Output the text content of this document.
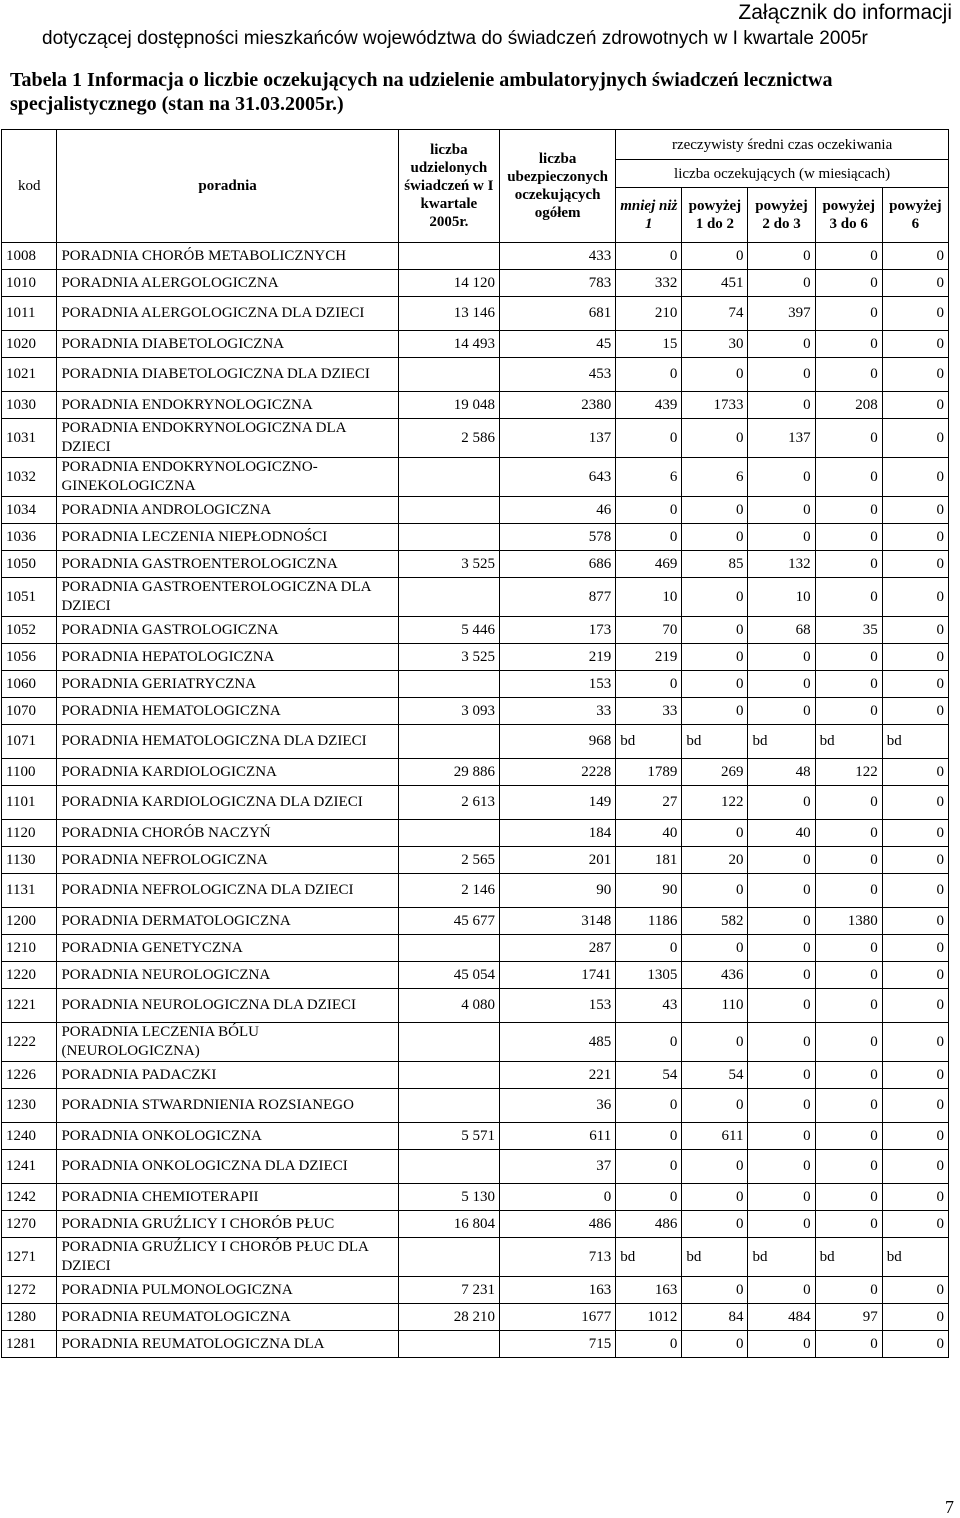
Załącznik do informacji
dotyczącej dostępności mieszkańców województwa do świadczeń zdrowotnych w I kwartale 2005r
Tabela 1 Informacja o liczbie oczekujących na udzielenie ambulatoryjnych świadczeń lecznictwa specjalistycznego (stan na 31.03.2005r.)
kod	poradnia	liczba udzielonych świadczeń w I kwartale 2005r.	liczba ubezpieczonych oczekujących ogółem	rzeczywisty średni czas oczekiwania				
				liczba oczekujących (w miesiącach)				
				mniej niż 1	powyżej 1 do 2	powyżej 2 do 3	powyżej 3 do 6	powyżej 6
1008	PORADNIA CHORÓB METABOLICZNYCH		433	0	0	0	0	0
1010	PORADNIA ALERGOLOGICZNA	14 120	783	332	451	0	0	0
1011	PORADNIA ALERGOLOGICZNA DLA DZIECI	13 146	681	210	74	397	0	0
1020	PORADNIA DIABETOLOGICZNA	14 493	45	15	30	0	0	0
1021	PORADNIA DIABETOLOGICZNA DLA DZIECI		453	0	0	0	0	0
1030	PORADNIA ENDOKRYNOLOGICZNA	19 048	2380	439	1733	0	208	0
1031	PORADNIA ENDOKRYNOLOGICZNA DLA DZIECI	2 586	137	0	0	137	0	0
1032	PORADNIA ENDOKRYNOLOGICZNO-GINEKOLOGICZNA		643	6	6	0	0	0
1034	PORADNIA ANDROLOGICZNA		46	0	0	0	0	0
1036	PORADNIA LECZENIA NIEPŁODNOŚCI		578	0	0	0	0	0
1050	PORADNIA GASTROENTEROLOGICZNA	3 525	686	469	85	132	0	0
1051	PORADNIA GASTROENTEROLOGICZNA DLA DZIECI		877	10	0	10	0	0
1052	PORADNIA GASTROLOGICZNA	5 446	173	70	0	68	35	0
1056	PORADNIA HEPATOLOGICZNA	3 525	219	219	0	0	0	0
1060	PORADNIA GERIATRYCZNA		153	0	0	0	0	0
1070	PORADNIA HEMATOLOGICZNA	3 093	33	33	0	0	0	0
1071	PORADNIA HEMATOLOGICZNA DLA DZIECI		968	bd	bd	bd	bd	bd
1100	PORADNIA KARDIOLOGICZNA	29 886	2228	1789	269	48	122	0
1101	PORADNIA KARDIOLOGICZNA DLA DZIECI	2 613	149	27	122	0	0	0
1120	PORADNIA CHORÓB NACZYŃ		184	40	0	40	0	0
1130	PORADNIA NEFROLOGICZNA	2 565	201	181	20	0	0	0
1131	PORADNIA NEFROLOGICZNA DLA DZIECI	2 146	90	90	0	0	0	0
1200	PORADNIA DERMATOLOGICZNA	45 677	3148	1186	582	0	1380	0
1210	PORADNIA GENETYCZNA		287	0	0	0	0	0
1220	PORADNIA NEUROLOGICZNA	45 054	1741	1305	436	0	0	0
1221	PORADNIA NEUROLOGICZNA DLA DZIECI	4 080	153	43	110	0	0	0
1222	PORADNIA LECZENIA BÓLU (NEUROLOGICZNA)		485	0	0	0	0	0
1226	PORADNIA PADACZKI		221	54	54	0	0	0
1230	PORADNIA STWARDNIENIA ROZSIANEGO		36	0	0	0	0	0
1240	PORADNIA ONKOLOGICZNA	5 571	611	0	611	0	0	0
1241	PORADNIA ONKOLOGICZNA DLA DZIECI		37	0	0	0	0	0
1242	PORADNIA CHEMIOTERAPII	5 130	0	0	0	0	0	0
1270	PORADNIA GRUŹLICY I CHORÓB PŁUC	16 804	486	486	0	0	0	0
1271	PORADNIA GRUŹLICY I CHORÓB PŁUC DLA DZIECI		713	bd	bd	bd	bd	bd
1272	PORADNIA PULMONOLOGICZNA	7 231	163	163	0	0	0	0
1280	PORADNIA REUMATOLOGICZNA	28 210	1677	1012	84	484	97	0
1281	PORADNIA REUMATOLOGICZNA DLA		715	0	0	0	0	0
7
